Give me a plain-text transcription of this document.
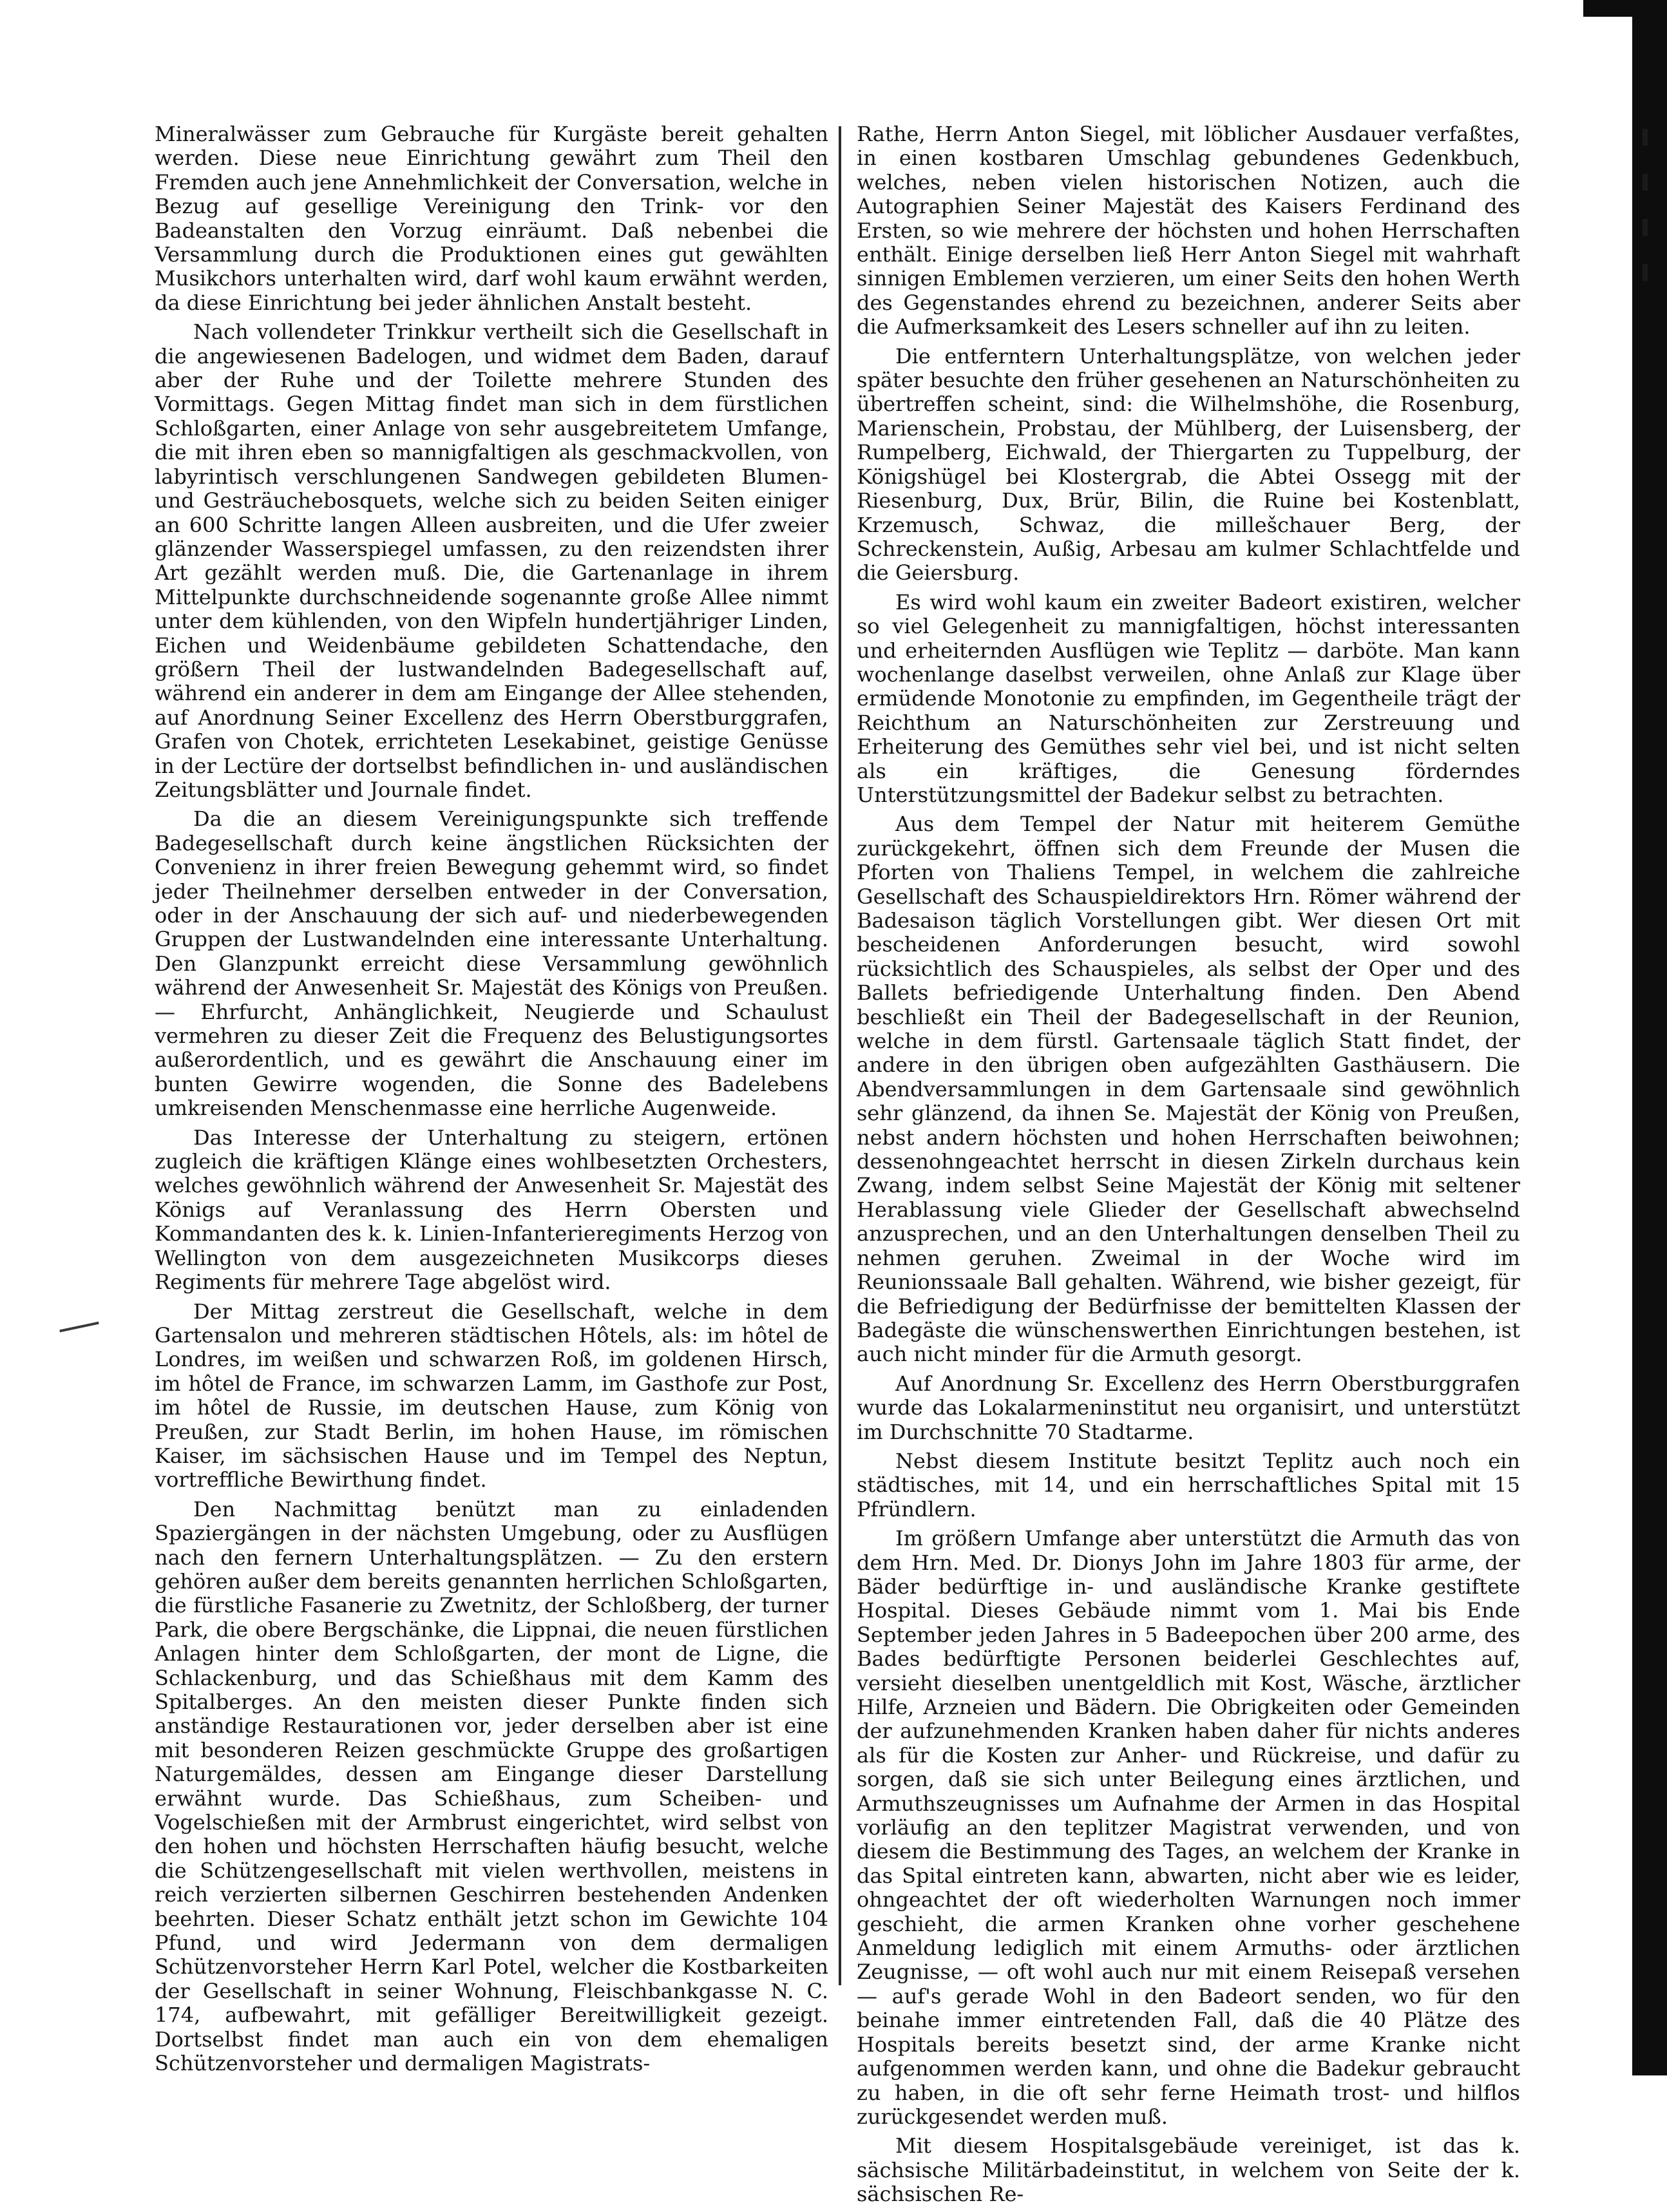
Mineralwässer zum Gebrauche für Kurgäste bereit gehalten werden. Diese neue Einrichtung gewährt zum Theil den Fremden auch jene Annehmlichkeit der Conversation, welche in Bezug auf gesellige Vereinigung den Trink- vor den Badeanstalten den Vorzug einräumt. Daß nebenbei die Versammlung durch die Produktionen eines gut gewählten Musikchors unterhalten wird, darf wohl kaum erwähnt werden, da diese Einrichtung bei jeder ähnlichen Anstalt besteht.

Nach vollendeter Trinkkur vertheilt sich die Gesellschaft in die angewiesenen Badelogen, und widmet dem Baden, darauf aber der Ruhe und der Toilette mehrere Stunden des Vormittags. Gegen Mittag findet man sich in dem fürstlichen Schloßgarten, einer Anlage von sehr ausgebreitetem Umfange, die mit ihren eben so mannigfaltigen als geschmackvollen, von labyrintisch verschlungenen Sandwegen gebildeten Blumen- und Gesträuchebosquets, welche sich zu beiden Seiten einiger an 600 Schritte langen Alleen ausbreiten, und die Ufer zweier glänzender Wasserspiegel umfassen, zu den reizendsten ihrer Art gezählt werden muß. Die, die Gartenanlage in ihrem Mittelpunkte durchschneidende sogenannte große Allee nimmt unter dem kühlenden, von den Wipfeln hundertjähriger Linden, Eichen und Weidenbäume gebildeten Schattendache, den größern Theil der lustwandelnden Badegesellschaft auf, während ein anderer in dem am Eingange der Allee stehenden, auf Anordnung Seiner Excellenz des Herrn Oberstburggrafen, Grafen von Chotek, errichteten Lesekabinet, geistige Genüsse in der Lectüre der dortselbst befindlichen in- und ausländischen Zeitungsblätter und Journale findet.

Da die an diesem Vereinigungspunkte sich treffende Badegesellschaft durch keine ängstlichen Rücksichten der Convenienz in ihrer freien Bewegung gehemmt wird, so findet jeder Theilnehmer derselben entweder in der Conversation, oder in der Anschauung der sich auf- und niederbewegenden Gruppen der Lustwandelnden eine interessante Unterhaltung. Den Glanzpunkt erreicht diese Versammlung gewöhnlich während der Anwesenheit Sr. Majestät des Königs von Preußen. — Ehrfurcht, Anhänglichkeit, Neugierde und Schaulust vermehren zu dieser Zeit die Frequenz des Belustigungsortes außerordentlich, und es gewährt die Anschauung einer im bunten Gewirre wogenden, die Sonne des Badelebens umkreisenden Menschenmasse eine herrliche Augenweide.

Das Interesse der Unterhaltung zu steigern, ertönen zugleich die kräftigen Klänge eines wohlbesetzten Orchesters, welches gewöhnlich während der Anwesenheit Sr. Majestät des Königs auf Veranlassung des Herrn Obersten und Kommandanten des k. k. Linien-Infanterieregiments Herzog von Wellington von dem ausgezeichneten Musikcorps dieses Regiments für mehrere Tage abgelöst wird.

Der Mittag zerstreut die Gesellschaft, welche in dem Gartensalon und mehreren städtischen Hôtels, als: im hôtel de Londres, im weißen und schwarzen Roß, im goldenen Hirsch, im hôtel de France, im schwarzen Lamm, im Gasthofe zur Post, im hôtel de Russie, im deutschen Hause, zum König von Preußen, zur Stadt Berlin, im hohen Hause, im römischen Kaiser, im sächsischen Hause und im Tempel des Neptun, vortreffliche Bewirthung findet.

Den Nachmittag benützt man zu einladenden Spaziergängen in der nächsten Umgebung, oder zu Ausflügen nach den fernern Unterhaltungsplätzen. — Zu den erstern gehören außer dem bereits genannten herrlichen Schloßgarten, die fürstliche Fasanerie zu Zwetnitz, der Schloßberg, der turner Park, die obere Bergschänke, die Lippnai, die neuen fürstlichen Anlagen hinter dem Schloßgarten, der mont de Ligne, die Schlackenburg, und das Schießhaus mit dem Kamm des Spitalberges. An den meisten dieser Punkte finden sich anständige Restaurationen vor, jeder derselben aber ist eine mit besonderen Reizen geschmückte Gruppe des großartigen Naturgemäldes, dessen am Eingange dieser Darstellung erwähnt wurde. Das Schießhaus, zum Scheiben- und Vogelschießen mit der Armbrust eingerichtet, wird selbst von den hohen und höchsten Herrschaften häufig besucht, welche die Schützengesellschaft mit vielen werthvollen, meistens in reich verzierten silbernen Geschirren bestehenden Andenken beehrten. Dieser Schatz enthält jetzt schon im Gewichte 104 Pfund, und wird Jedermann von dem dermaligen Schützenvorsteher Herrn Karl Potel, welcher die Kostbarkeiten der Gesellschaft in seiner Wohnung, Fleischbankgasse N. C. 174, aufbewahrt, mit gefälliger Bereitwilligkeit gezeigt. Dortselbst findet man auch ein von dem ehemaligen Schützenvorsteher und dermaligen Magistrats-

Rathe, Herrn Anton Siegel, mit löblicher Ausdauer verfaßtes, in einen kostbaren Umschlag gebundenes Gedenkbuch, welches, neben vielen historischen Notizen, auch die Autographien Seiner Majestät des Kaisers Ferdinand des Ersten, so wie mehrere der höchsten und hohen Herrschaften enthält. Einige derselben ließ Herr Anton Siegel mit wahrhaft sinnigen Emblemen verzieren, um einer Seits den hohen Werth des Gegenstandes ehrend zu bezeichnen, anderer Seits aber die Aufmerksamkeit des Lesers schneller auf ihn zu leiten.

Die entferntern Unterhaltungsplätze, von welchen jeder später besuchte den früher gesehenen an Naturschönheiten zu übertreffen scheint, sind: die Wilhelmshöhe, die Rosenburg, Marienschein, Probstau, der Mühlberg, der Luisensberg, der Rumpelberg, Eichwald, der Thiergarten zu Tuppelburg, der Königshügel bei Klostergrab, die Abtei Ossegg mit der Riesenburg, Dux, Brür, Bilin, die Ruine bei Kostenblatt, Krzemusch, Schwaz, die millešchauer Berg, der Schreckenstein, Außig, Arbesau am kulmer Schlachtfelde und die Geiersburg.

Es wird wohl kaum ein zweiter Badeort existiren, welcher so viel Gelegenheit zu mannigfaltigen, höchst interessanten und erheiternden Ausflügen wie Teplitz — darböte. Man kann wochenlange daselbst verweilen, ohne Anlaß zur Klage über ermüdende Monotonie zu empfinden, im Gegentheile trägt der Reichthum an Naturschönheiten zur Zerstreuung und Erheiterung des Gemüthes sehr viel bei, und ist nicht selten als ein kräftiges, die Genesung förderndes Unterstützungsmittel der Badekur selbst zu betrachten.

Aus dem Tempel der Natur mit heiterem Gemüthe zurückgekehrt, öffnen sich dem Freunde der Musen die Pforten von Thaliens Tempel, in welchem die zahlreiche Gesellschaft des Schauspieldirektors Hrn. Römer während der Badesaison täglich Vorstellungen gibt. Wer diesen Ort mit bescheidenen Anforderungen besucht, wird sowohl rücksichtlich des Schauspieles, als selbst der Oper und des Ballets befriedigende Unterhaltung finden. Den Abend beschließt ein Theil der Badegesellschaft in der Reunion, welche in dem fürstl. Gartensaale täglich Statt findet, der andere in den übrigen oben aufgezählten Gasthäusern. Die Abendversammlungen in dem Gartensaale sind gewöhnlich sehr glänzend, da ihnen Se. Majestät der König von Preußen, nebst andern höchsten und hohen Herrschaften beiwohnen; dessenohngeachtet herrscht in diesen Zirkeln durchaus kein Zwang, indem selbst Seine Majestät der König mit seltener Herablassung viele Glieder der Gesellschaft abwechselnd anzusprechen, und an den Unterhaltungen denselben Theil zu nehmen geruhen. Zweimal in der Woche wird im Reunionssaale Ball gehalten. Während, wie bisher gezeigt, für die Befriedigung der Bedürfnisse der bemittelten Klassen der Badegäste die wünschenswerthen Einrichtungen bestehen, ist auch nicht minder für die Armuth gesorgt.

Auf Anordnung Sr. Excellenz des Herrn Oberstburggrafen wurde das Lokalarmeninstitut neu organisirt, und unterstützt im Durchschnitte 70 Stadtarme.

Nebst diesem Institute besitzt Teplitz auch noch ein städtisches, mit 14, und ein herrschaftliches Spital mit 15 Pfründlern.

Im größern Umfange aber unterstützt die Armuth das von dem Hrn. Med. Dr. Dionys John im Jahre 1803 für arme, der Bäder bedürftige in- und ausländische Kranke gestiftete Hospital. Dieses Gebäude nimmt vom 1. Mai bis Ende September jeden Jahres in 5 Badeepochen über 200 arme, des Bades bedürftigte Personen beiderlei Geschlechtes auf, versieht dieselben unentgeldlich mit Kost, Wäsche, ärztlicher Hilfe, Arzneien und Bädern. Die Obrigkeiten oder Gemeinden der aufzunehmenden Kranken haben daher für nichts anderes als für die Kosten zur Anher- und Rückreise, und dafür zu sorgen, daß sie sich unter Beilegung eines ärztlichen, und Armuthszeugnisses um Aufnahme der Armen in das Hospital vorläufig an den teplitzer Magistrat verwenden, und von diesem die Bestimmung des Tages, an welchem der Kranke in das Spital eintreten kann, abwarten, nicht aber wie es leider, ohngeachtet der oft wiederholten Warnungen noch immer geschieht, die armen Kranken ohne vorher geschehene Anmeldung lediglich mit einem Armuths- oder ärztlichen Zeugnisse, — oft wohl auch nur mit einem Reisepaß versehen — auf's gerade Wohl in den Badeort senden, wo für den beinahe immer eintretenden Fall, daß die 40 Plätze des Hospitals bereits besetzt sind, der arme Kranke nicht aufgenommen werden kann, und ohne die Badekur gebraucht zu haben, in die oft sehr ferne Heimath trost- und hilflos zurückgesendet werden muß.

Mit diesem Hospitalsgebäude vereiniget, ist das k. sächsische Militärbadeinstitut, in welchem von Seite der k. sächsischen Re-
